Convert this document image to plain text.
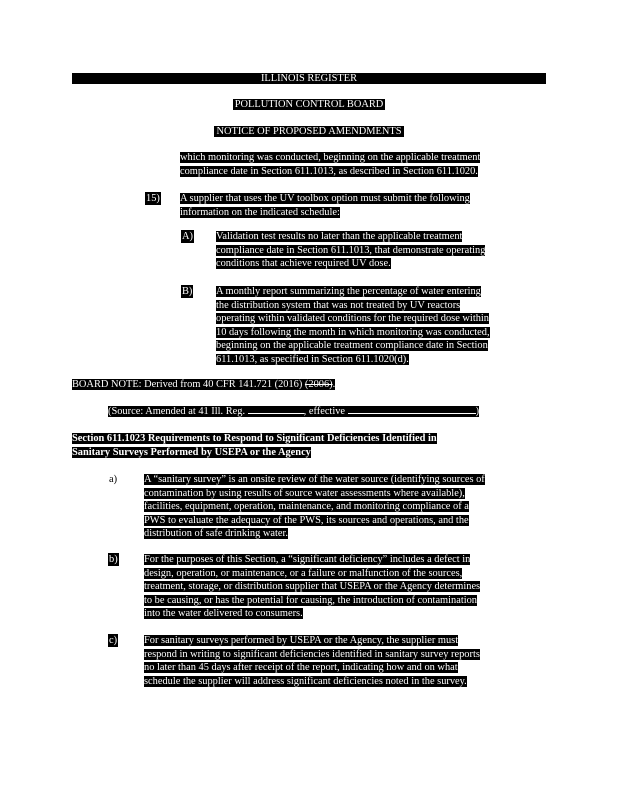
ILLINOIS REGISTER
POLLUTION CONTROL BOARD
NOTICE OF PROPOSED AMENDMENTS
which monitoring was conducted, beginning on the applicable treatment
compliance date in Section 611.1013, as described in Section 611.1020.
15) A supplier that uses the UV toolbox option must submit the following
information on the indicated schedule:
A) Validation test results no later than the applicable treatment
compliance date in Section 611.1013, that demonstrate operating
conditions that achieve required UV dose.
B) A monthly report summarizing the percentage of water entering
the distribution system that was not treated by UV reactors
operating within validated conditions for the required dose within
10 days following the month in which monitoring was conducted,
beginning on the applicable treatment compliance date in Section
611.1013, as specified in Section 611.1020(d).
BOARD NOTE: Derived from 40 CFR 141.721 (2016) (2006).
(Source: Amended at 41 Ill. Reg.	, effective	)
Section 611.1023 Requirements to Respond to Significant Deficiencies Identified in
Sanitary Surveys Performed by USEPA or the Agency
a)	A “sanitary survey” is an onsite review of the water source (identifying sources of
contamination by using results of source water assessments where available),
facilities, equipment, operation, maintenance, and monitoring compliance of a
PWS to evaluate the adequacy of the PWS, its sources and operations, and the
distribution of safe drinking water.
b)	For the purposes of this Section, a “significant deficiency” includes a defect in
design, operation, or maintenance, or a failure or malfunction of the sources,
treatment, storage, or distribution supplier that USEPA or the Agency determines
to be causing, or has the potential for causing, the introduction of contamination
into the water delivered to consumers.
c)	For sanitary surveys performed by USEPA or the Agency, the supplier must
respond in writing to significant deficiencies identified in sanitary survey reports
no later than 45 days after receipt of the report, indicating how and on what
schedule the supplier will address significant deficiencies noted in the survey.
